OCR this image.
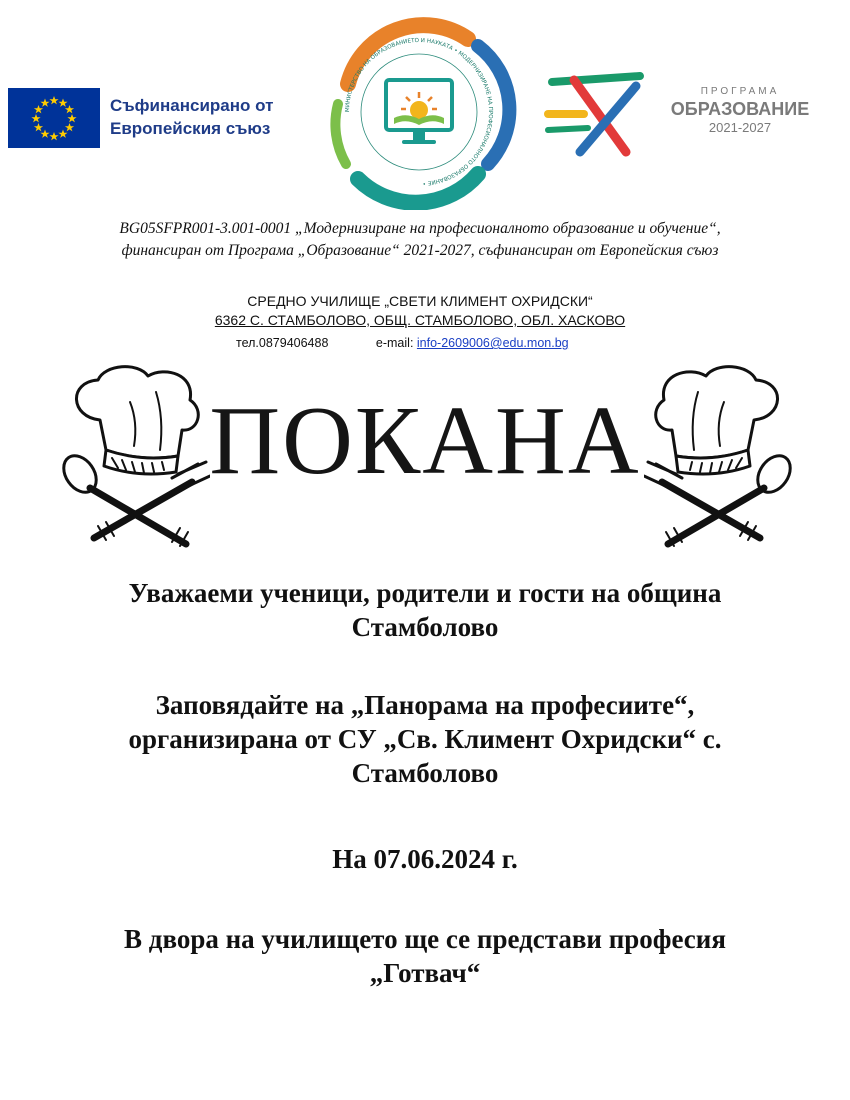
Съфинансирано от
Европейския съюз
МИНИСТЕРСТВО НА ОБРАЗОВАНИЕТО И НАУКАТА • МОДЕРНИЗИРАНЕ НА ПРОФЕСИОНАЛНОТО ОБРАЗОВАНИЕ •
ПРОГРАМА
ОБРАЗОВАНИЕ
2021-2027
BG05SFPR001-3.001-0001 „Модернизиране на професионалното образование и обучение“,
финансиран от Програма „Образование“ 2021-2027, съфинансиран от Европейския съюз
СРЕДНО УЧИЛИЩЕ „СВЕТИ КЛИМЕНТ ОХРИДСКИ“
6362 С. СТАМБОЛОВО, ОБЩ. СТАМБОЛОВО, ОБЛ. ХАСКОВО
тел.0879406488	e-mail: info-2609006@edu.mon.bg
ПОКАНА
Уважаеми ученици, родители и гости на община
Стамболово
Заповядайте на „Панорама на професиите“,
организирана от СУ „Св. Климент Охридски“ с.
Стамболово
На 07.06.2024 г.
В двора на училището ще се представи професия
„Готвач“
